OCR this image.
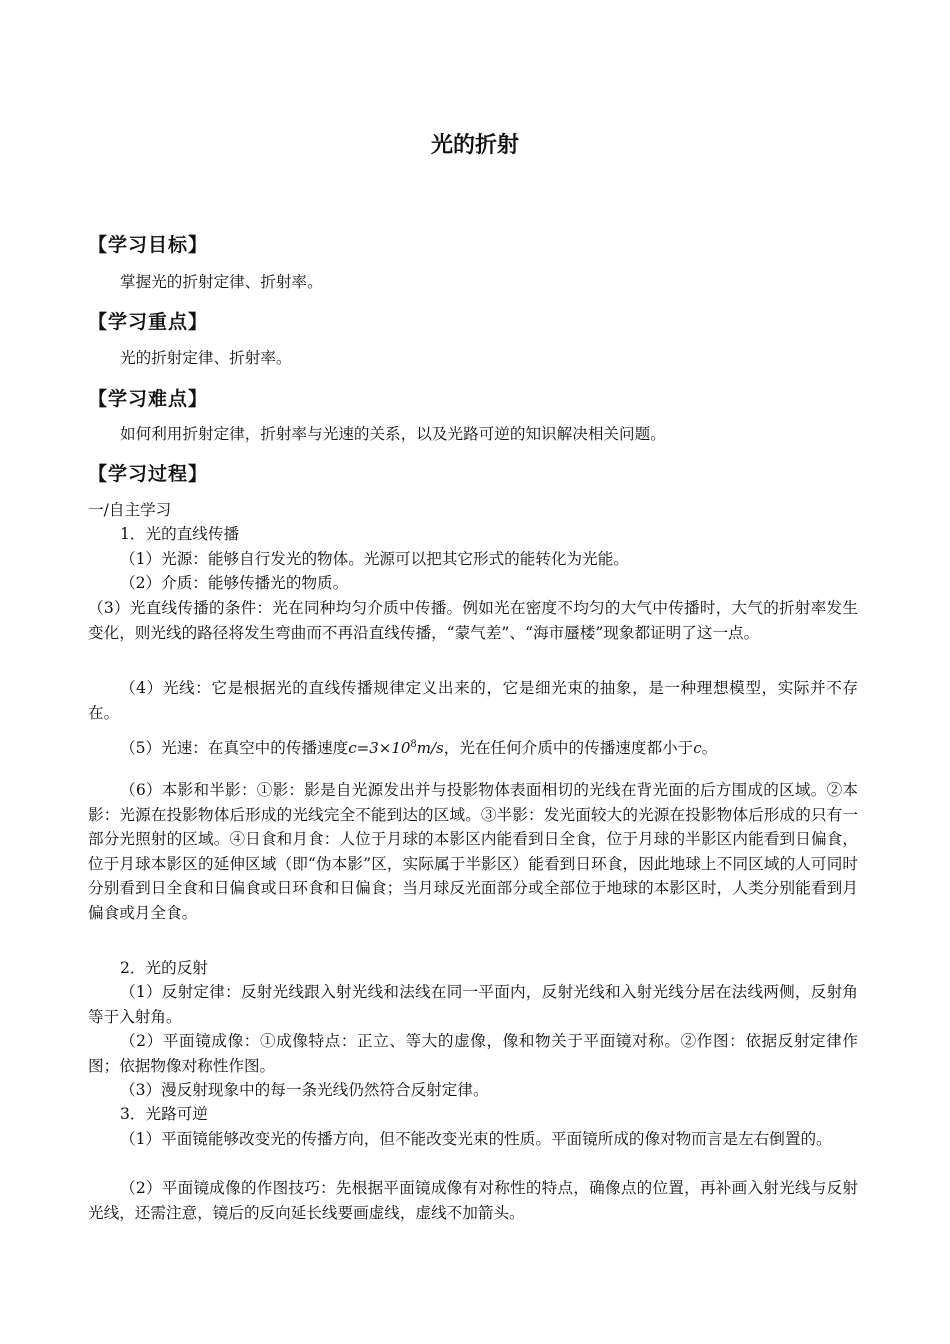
光的折射
【学习目标】
掌握光的折射定律、折射率。
【学习重点】
光的折射定律、折射率。
【学习难点】
如何利用折射定律，折射率与光速的关系，以及光路可逆的知识解决相关问题。
【学习过程】
一/自主学习
1．光的直线传播
（1）光源：能够自行发光的物体。光源可以把其它形式的能转化为光能。
（2）介质：能够传播光的物质。
（3）光直线传播的条件：光在同种均匀介质中传播。例如光在密度不均匀的大气中传播时，大气的折射率发生变化，则光线的路径将发生弯曲而不再沿直线传播，“蒙气差”、“海市蜃楼”现象都证明了这一点。
（4）光线：它是根据光的直线传播规律定义出来的，它是细光束的抽象，是一种理想模型，实际并不存在。
（5）光速：在真空中的传播速度$c=3\times 10^8m/s$，光在任何介质中的传播速度都小于c。
（6）本影和半影：①影：影是自光源发出并与投影物体表面相切的光线在背光面的后方围成的区域。②本影：光源在投影物体后形成的光线完全不能到达的区域。③半影：发光面较大的光源在投影物体后形成的只有一部分光照射的区域。④日食和月食：人位于月球的本影区内能看到日全食，位于月球的半影区内能看到日偏食，位于月球本影区的延伸区域（即“伪本影”区，实际属于半影区）能看到日环食，因此地球上不同区域的人可同时分别看到日全食和日偏食或日环食和日偏食；当月球反光面部分或全部位于地球的本影区时，人类分别能看到月偏食或月全食。
2．光的反射
（1）反射定律：反射光线跟入射光线和法线在同一平面内，反射光线和入射光线分居在法线两侧，反射角等于入射角。
（2）平面镜成像：①成像特点：正立、等大的虚像，像和物关于平面镜对称。②作图：依据反射定律作图；依据物像对称性作图。
（3）漫反射现象中的每一条光线仍然符合反射定律。
3．光路可逆
（1）平面镜能够改变光的传播方向，但不能改变光束的性质。平面镜所成的像对物而言是左右倒置的。
（2）平面镜成像的作图技巧：先根据平面镜成像有对称性的特点，确像点的位置，再补画入射光线与反射光线，还需注意，镜后的反向延长线要画虚线，虚线不加箭头。
